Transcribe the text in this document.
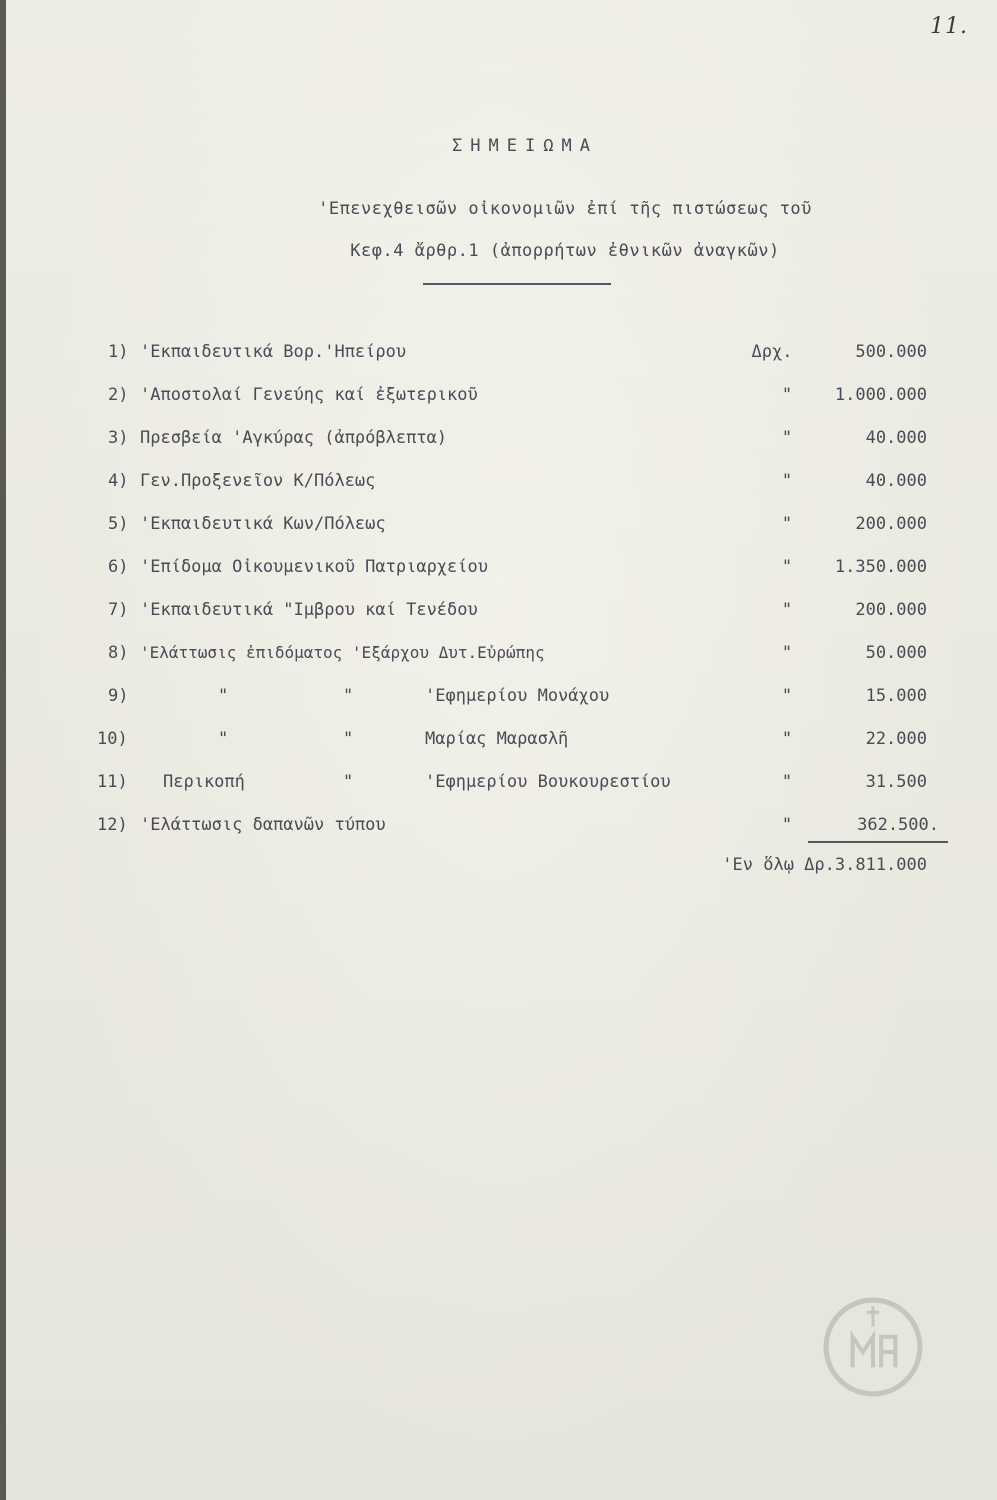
11.
ΣΗΜΕΙΩΜΑ
'Επενεχθεισῶν οἰκονομιῶν ἐπί τῆς πιστώσεως τοῦ
Κεφ.4 ἄρθρ.1 (ἀπορρήτων ἐθνικῶν ἀναγκῶν)
1) 'Εκπαιδευτικά Βορ.'Ηπείρου	Δρχ.	500.000
2) 'Αποστολαί Γενεύης καί ἐξωτερικοῦ	"	1.000.000
3) Πρεσβεία 'Αγκύρας (ἀπρόβλεπτα)	"	40.000
4) Γεν.Προξενεῖον Κ/Πόλεως	"	40.000
5) 'Εκπαιδευτικά Κων/Πόλεως	"	200.000
6) 'Επίδομα Οἰκουμενικοῦ Πατριαρχείου	"	1.350.000
7) 'Εκπαιδευτικά "Ιμβρου καί Τενέδου	"	200.000
8) 'Ελάττωσις ἐπιδόματος 'Εξάρχου Δυτ.Εὐρώπης	"	50.000
9)	"	"	'Εφημερίου Μονάχου	"	15.000
10)	"	"	Μαρίας Μαρασλῆ	"	22.000
11) Περικοπή	"	'Εφημερίου Βουκουρεστίου	"	31.500
12) 'Ελάττωσις δαπανῶν τύπου	"	362.500.
'Εν ὅλῳ Δρ.3.811.000
